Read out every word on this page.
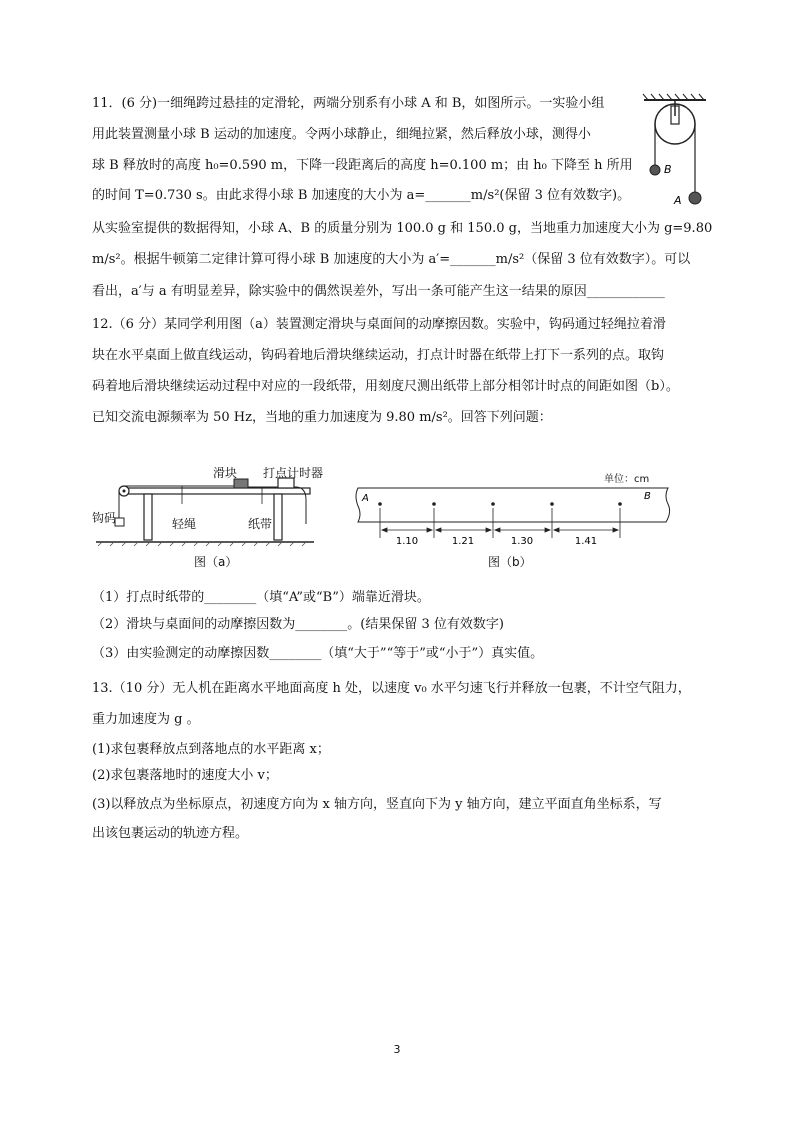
11．(6 分)一细绳跨过悬挂的定滑轮，两端分别系有小球 A 和 B，如图所示。一实验小组
用此装置测量小球 B 运动的加速度。令两小球静止，细绳拉紧，然后释放小球，测得小
球 B 释放时的高度 h₀=0.590 m，下降一段距离后的高度 h=0.100 m；由 h₀ 下降至 h 所用
的时间 T=0.730 s。由此求得小球 B 加速度的大小为 a=_______m/s²(保留 3 位有效数字)。
从实验室提供的数据得知，小球 A、B 的质量分别为 100.0 g 和 150.0 g，当地重力加速度大小为 g=9.80
m/s²。根据牛顿第二定律计算可得小球 B 加速度的大小为 a′=_______m/s²（保留 3 位有效数字）。可以
看出，a′与 a 有明显差异，除实验中的偶然误差外，写出一条可能产生这一结果的原因____________
B
A
12.（6 分）某同学利用图（a）装置测定滑块与桌面间的动摩擦因数。实验中，钩码通过轻绳拉着滑
块在水平桌面上做直线运动，钩码着地后滑块继续运动，打点计时器在纸带上打下一系列的点。取钩
码着地后滑块继续运动过程中对应的一段纸带，用刻度尺测出纸带上部分相邻计时点的间距如图（b）。
已知交流电源频率为 50 Hz，当地的重力加速度为 9.80 m/s²。回答下列问题：
滑块 打点计时器
钩码	轻绳	纸带
图（a）
A	B
1.10	1.21	1.30	1.41
单位：cm
图（b）
（1）打点时纸带的________（填“A”或“B”）端靠近滑块。
（2）滑块与桌面间的动摩擦因数为________。(结果保留 3 位有效数字)
（3）由实验测定的动摩擦因数________（填“大于”“等于”或“小于”）真实值。
13.（10 分）无人机在距离水平地面高度 h 处，以速度 v₀ 水平匀速飞行并释放一包裹，不计空气阻力，
重力加速度为 g 。
(1)求包裹释放点到落地点的水平距离 x；
(2)求包裹落地时的速度大小 v；
(3)以释放点为坐标原点，初速度方向为 x 轴方向，竖直向下为 y 轴方向，建立平面直角坐标系，写
出该包裹运动的轨迹方程。
3
